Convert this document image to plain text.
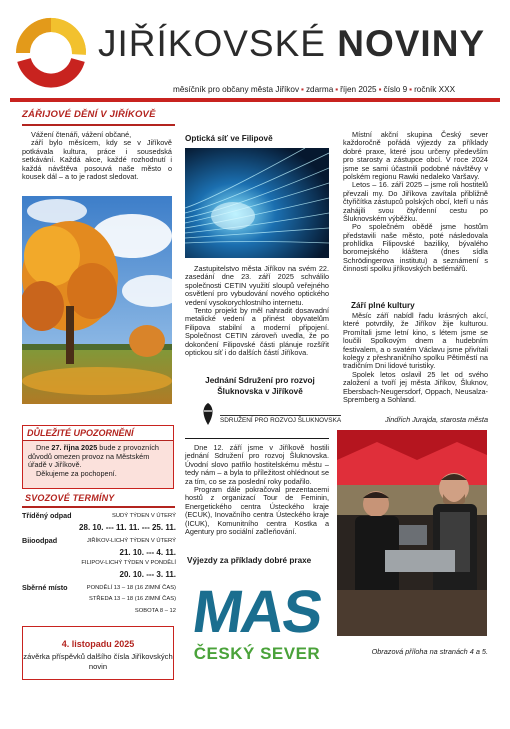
JIŘÍKOVSKÉ NOVINY
měsíčník pro občany města Jiříkov ▪ zdarma ▪ říjen 2025 ▪ číslo 9 ▪ ročník XXX
ZÁŘIJOVÉ DĚNÍ V JIŘÍKOVĚ

Vážení čtenáři, vážení občané,

září bylo měsícem, kdy se v Jiříkově potkávala kultura, práce i sousedská setkávání. Každá akce, každé rozhodnutí i každá návštěva posouvá naše město o kousek dál – a to je radost sledovat.

DŮLEŽITÉ UPOZORNĚNÍ

Dne 27. října 2025 bude z provozních důvodů omezen provoz na Městském úřadě v Jiříkově.

Děkujeme za pochopení.

SVOZOVÉ TERMÍNY
Tříděný odpad	SUDÝ TÝDEN V ÚTERÝ
28. 10. --- 11. 11. --- 25. 11.
Biioodpad	JIŘÍKOV-LICHÝ TÝDEN V ÚTERÝ
21. 10. --- 4. 11.
FILIPOV-LICHÝ TÝDEN V PONDĚLÍ
20. 10. --- 3. 11.
Sběrné místo	PONDĚLÍ 13 – 18 (16 ZIMNÍ ČAS)
STŘEDA 13 – 18 (16 ZIMNÍ ČAS)
SOBOTA 8 – 12
4. listopadu 2025
závěrka příspěvků dalšího čísla Jiříkovských novin
Optická síť ve Filipově

Zastupitelstvo města Jiříkov na svém 22. zasedání dne 23. září 2025 schválilo společnosti CETIN využití sloupů veřejného osvětlení pro vybudování nového optického vedení vysokorychlostního internetu.

Tento projekt by měl nahradit dosavadní metalické vedení a přinést obyvatelům Filipova stabilní a moderní připojení. Společnost CETIN zároveň uvedla, že po dokončení Filipovské části plánuje rozšířit optickou síť i do dalších částí Jiříkova.

Jednání Sdružení pro rozvoj Šluknovska v Jiříkově
SDRUŽENÍ PRO ROZVOJ ŠLUKNOVSKA

Dne 12. září jsme v Jiříkově hostili jednání Sdružení pro rozvoj Šluknovska. Úvodní slovo patřilo hostitelskému městu – tedy nám – a byla to příležitost ohlédnout se za tím, co se za poslední roky podařilo.

Program dále pokračoval prezentacemi hostů z organizací Tour de Feminin, Energetického centra Ústeckého kraje (ECUK), Inovačního centra Ústeckého kraje (ICUK), Komunitního centra Kostka a Agentury pro sociální začleňování.

Výjezdy za příklady dobré praxe
MAS
ČESKÝ SEVER

Místní akční skupina Český sever každoročně pořádá výjezdy za příklady dobré praxe, které jsou určeny především pro starosty a zástupce obcí. V roce 2024 jsme se sami účastnili podobné návštěvy v polském regionu Rawki nedaleko Varšavy.

Letos – 16. září 2025 – jsme roli hostitelů převzali my. Do Jiříkova zavítala přibližně čtyřičítka zástupců polských obcí, kteří u nás zahájili svou čtyřdenní cestu po Šluknovském výběžku.

Po společném obědě jsme hostům představili naše město, poté následovala prohlídka Filipovské baziliky, bývalého boromejského kláštera (dnes sídla Schrödingerova institutu) a seznámení s činností spolku jiříkovských betlémářů.

Září plné kultury

Měsíc září nabídl řadu krásných akcí, které potvrdily, že Jiříkov žije kulturou. Promítali jsme letní kino, s létem jsme se loučili Spolkovým dnem a hudebním festivalem, a o svatém Václavu jsme přivítali kolegy z přeshraničního spolku Pětiměstí na tradičním Dni lidové turistiky.

Spolek letos oslavil 25 let od svého založení a tvoří jej města Jiříkov, Šluknov, Ebersbach-Neugersdorf, Oppach, Neusalza-Spremberg a Sohland.

Jindřich Jurajda, starosta města
Obrazová příloha na stranách 4 a 5.
